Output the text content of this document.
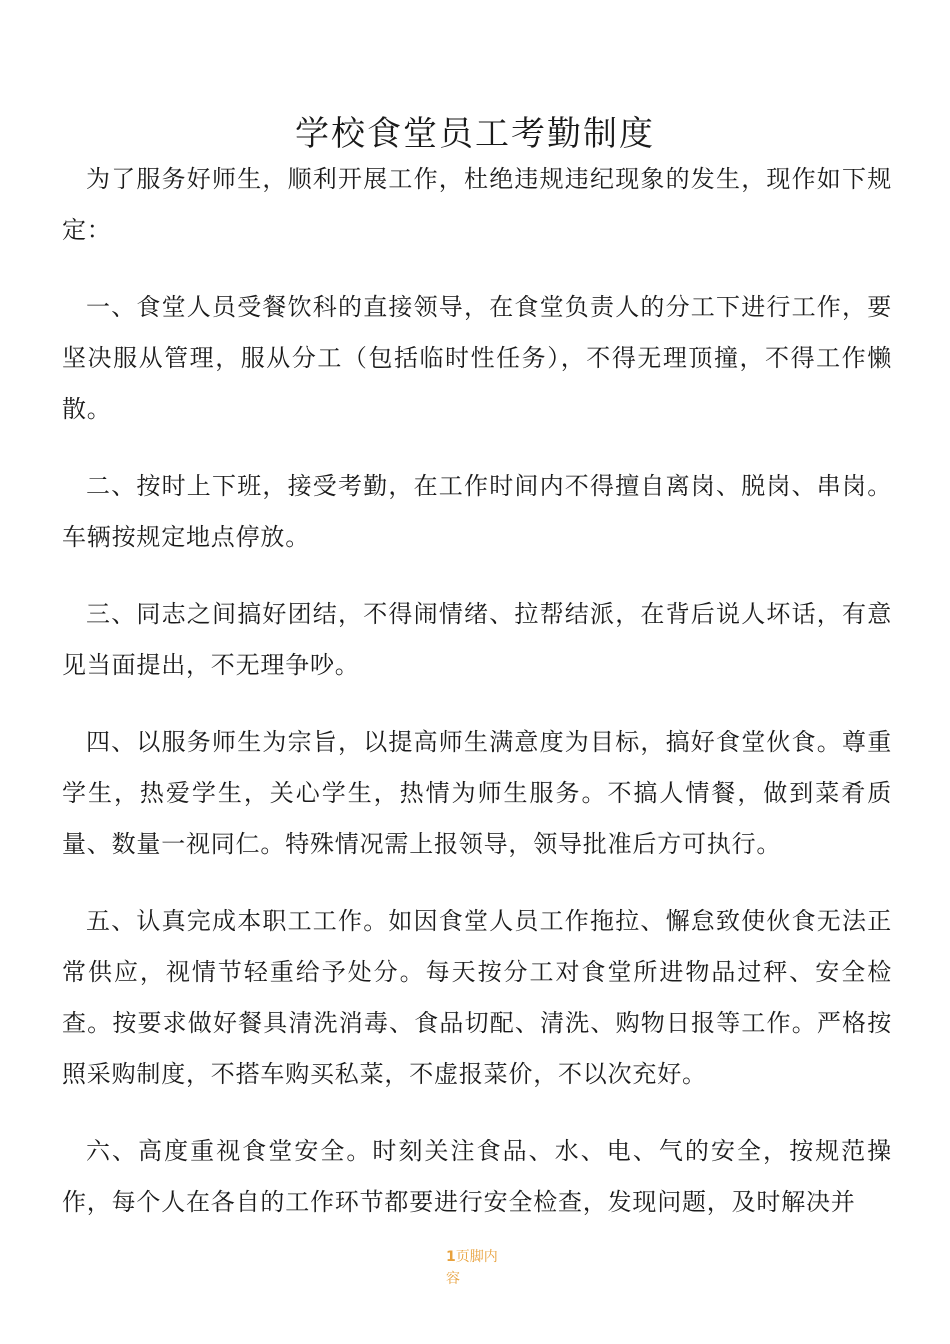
学校食堂员工考勤制度

为了服务好师生，顺利开展工作，杜绝违规违纪现象的发生，现作如下规定：

一、食堂人员受餐饮科的直接领导，在食堂负责人的分工下进行工作，要坚决服从管理，服从分工（包括临时性任务），不得无理顶撞，不得工作懒散。

二、按时上下班，接受考勤，在工作时间内不得擅自离岗、脱岗、串岗。车辆按规定地点停放。

三、同志之间搞好团结，不得闹情绪、拉帮结派，在背后说人坏话，有意见当面提出，不无理争吵。

四、以服务师生为宗旨，以提高师生满意度为目标，搞好食堂伙食。尊重学生，热爱学生，关心学生，热情为师生服务。不搞人情餐，做到菜肴质量、数量一视同仁。特殊情况需上报领导，领导批准后方可执行。

五、认真完成本职工工作。如因食堂人员工作拖拉、懈怠致使伙食无法正常供应，视情节轻重给予处分。每天按分工对食堂所进物品过秤、安全检查。按要求做好餐具清洗消毒、食品切配、清洗、购物日报等工作。严格按照采购制度，不搭车购买私菜，不虚报菜价，不以次充好。

六、高度重视食堂安全。时刻关注食品、水、电、气的安全，按规范操作，每个人在各自的工作环节都要进行安全检查，发现问题，及时解决并

1页脚内容
